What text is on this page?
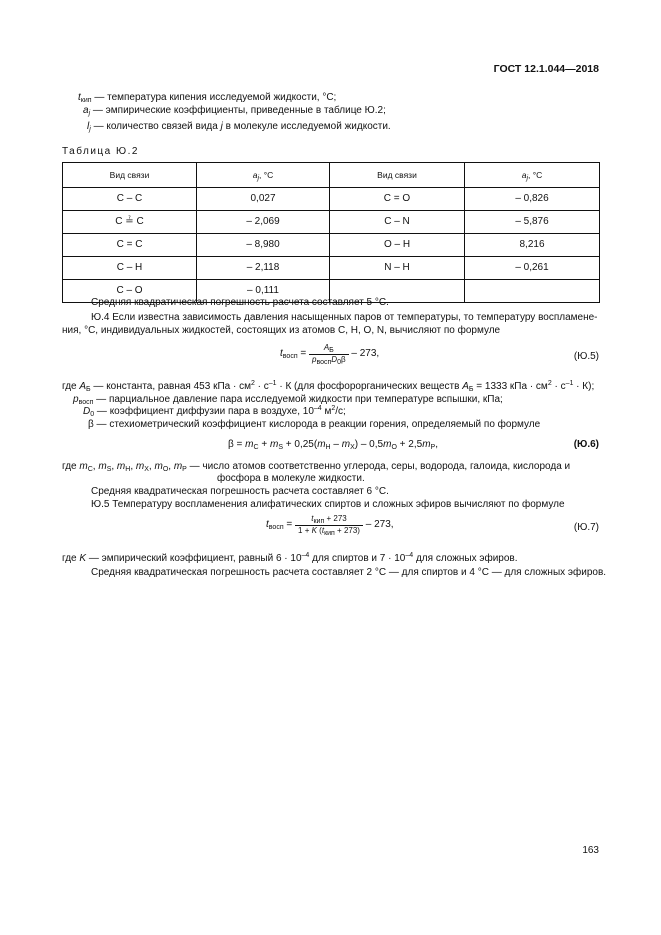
ГОСТ 12.1.044—2018
$t_{кип}$ — температура кипения исследуемой жидкости, °C;
$a_j$ — эмпирические коэффициенты, приведенные в таблице Ю.2;
$l_j$ — количество связей вида j в молекуле исследуемой жидкости.
Таблица Ю.2
Вид связи	$a_j$, °C	Вид связи	$a_j$, °C
С – С	0,027	С = О	– 0,826
С ≟ С	– 2,069	С – N	– 5,876
С = С	– 8,980	О – Н	8,216
С – Н	– 2,118	N – H	– 0,261
С – О	– 0,111		
Средняя квадратическая погрешность расчета составляет 5 °C.
Ю.4 Если известна зависимость давления насыщенных паров от температуры, то температуру воспламене-
ния, °C, индивидуальных жидкостей, состоящих из атомов С, Н, О, N, вычисляют по формуле
$t_{восп} = \frac{A_Б}{p_{восп}D_0\beta} - 273$,	(Ю.5)
где $A_Б$ — константа, равная 453 кПа · $см^2 \cdot с^{-1} \cdot К$ (для фосфорорганических веществ $A_Б = 1333$ кПа · $см^2 \cdot с^{-1} \cdot К$);
$p_{восп}$ — парциальное давление пара исследуемой жидкости при температуре вспышки, кПа;
$D_0$ — коэффициент диффузии пара в воздухе, $10^{-4}$ $м^2/с$;
β — стехиометрический коэффициент кислорода в реакции горения, определяемый по формуле
$\beta = m_C + m_S + 0,25(m_H - m_X) - 0,5m_O + 2,5m_P$,	(Ю.6)
где $m_C$, $m_S$, $m_H$, $m_X$, $m_O$, $m_P$ — число атомов соответственно углерода, серы, водорода, галоида, кислорода и
фосфора в молекуле жидкости.
Средняя квадратическая погрешность расчета составляет 6 °C.
Ю.5 Температуру воспламенения алифатических спиртов и сложных эфиров вычисляют по формуле
$t_{восп} = \frac{t_{кип} + 273}{1 + K (t_{кип} + 273)} - 273$,	(Ю.7)
где K — эмпирический коэффициент, равный $6 \cdot 10^{-4}$ для спиртов и $7 \cdot 10^{-4}$ для сложных эфиров.
Средняя квадратическая погрешность расчета составляет 2 °C — для спиртов и 4 °C — для сложных эфиров.
163
